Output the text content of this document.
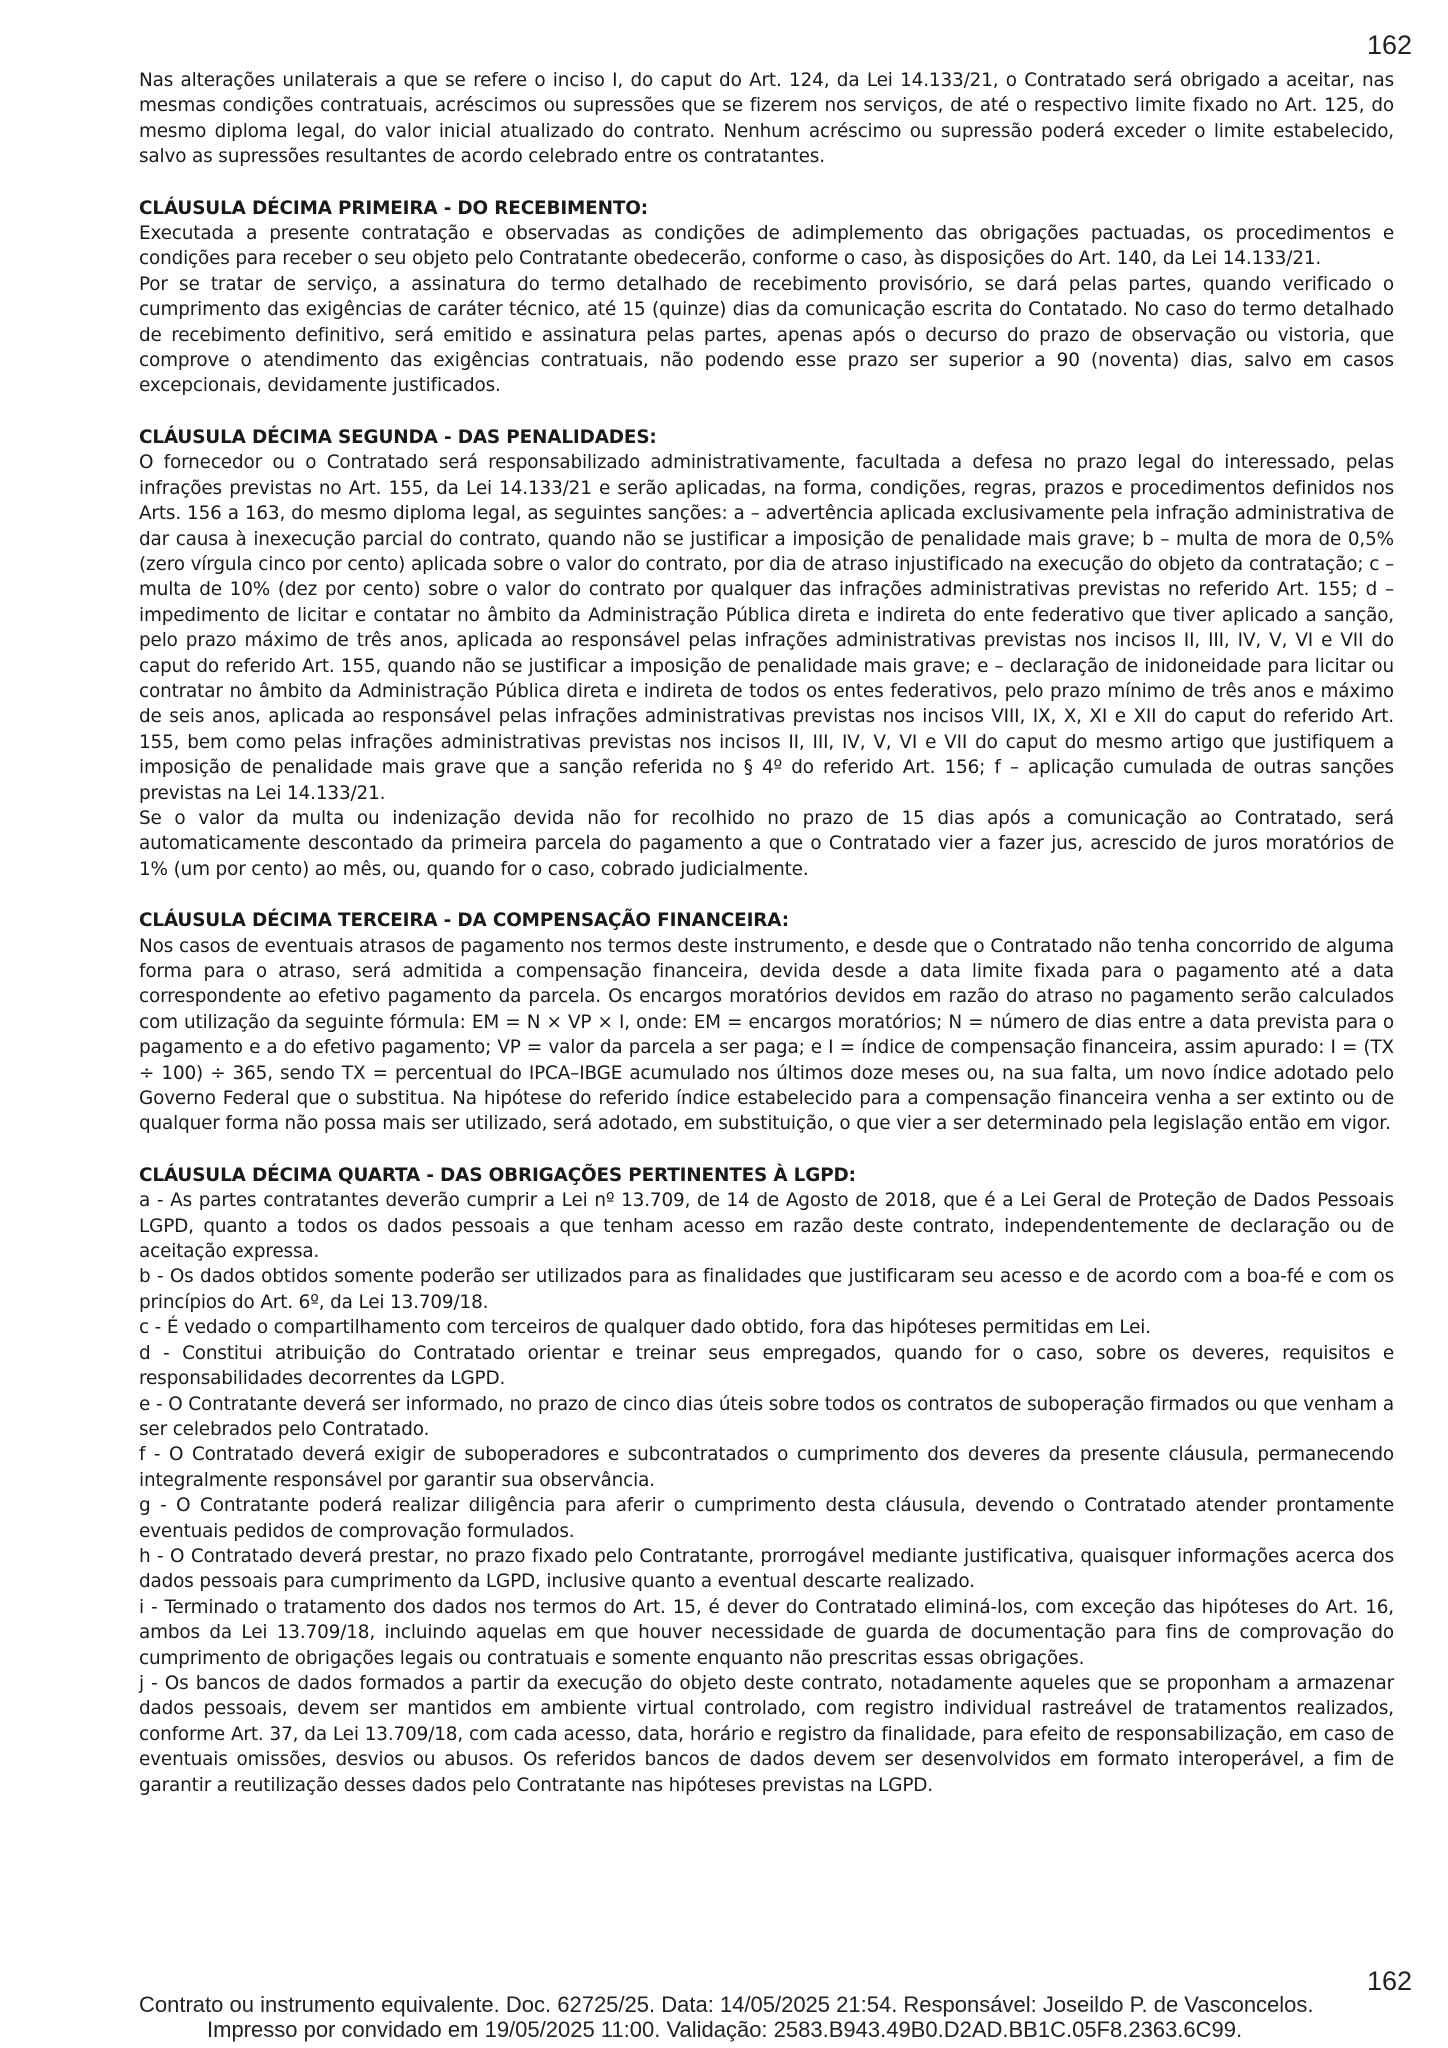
162

Nas alterações unilaterais a que se refere o inciso I, do caput do Art. 124, da Lei 14.133/21, o Contratado será obrigado a aceitar, nas mesmas condições contratuais, acréscimos ou supressões que se fizerem nos serviços, de até o respectivo limite fixado no Art. 125, do mesmo diploma legal, do valor inicial atualizado do contrato. Nenhum acréscimo ou supressão poderá exceder o limite estabelecido, salvo as supressões resultantes de acordo celebrado entre os contratantes.

CLÁUSULA DÉCIMA PRIMEIRA - DO RECEBIMENTO:

Executada a presente contratação e observadas as condições de adimplemento das obrigações pactuadas, os procedimentos e condições para receber o seu objeto pelo Contratante obedecerão, conforme o caso, às disposições do Art. 140, da Lei 14.133/21.

Por se tratar de serviço, a assinatura do termo detalhado de recebimento provisório, se dará pelas partes, quando verificado o cumprimento das exigências de caráter técnico, até 15 (quinze) dias da comunicação escrita do Contatado. No caso do termo detalhado de recebimento definitivo, será emitido e assinatura pelas partes, apenas após o decurso do prazo de observação ou vistoria, que comprove o atendimento das exigências contratuais, não podendo esse prazo ser superior a 90 (noventa) dias, salvo em casos excepcionais, devidamente justificados.

CLÁUSULA DÉCIMA SEGUNDA - DAS PENALIDADES:

O fornecedor ou o Contratado será responsabilizado administrativamente, facultada a defesa no prazo legal do interessado, pelas infrações previstas no Art. 155, da Lei 14.133/21 e serão aplicadas, na forma, condições, regras, prazos e procedimentos definidos nos Arts. 156 a 163, do mesmo diploma legal, as seguintes sanções: a – advertência aplicada exclusivamente pela infração administrativa de dar causa à inexecução parcial do contrato, quando não se justificar a imposição de penalidade mais grave; b – multa de mora de 0,5% (zero vírgula cinco por cento) aplicada sobre o valor do contrato, por dia de atraso injustificado na execução do objeto da contratação; c – multa de 10% (dez por cento) sobre o valor do contrato por qualquer das infrações administrativas previstas no referido Art. 155; d – impedimento de licitar e contatar no âmbito da Administração Pública direta e indireta do ente federativo que tiver aplicado a sanção, pelo prazo máximo de três anos, aplicada ao responsável pelas infrações administrativas previstas nos incisos II, III, IV, V, VI e VII do caput do referido Art. 155, quando não se justificar a imposição de penalidade mais grave; e – declaração de inidoneidade para licitar ou contratar no âmbito da Administração Pública direta e indireta de todos os entes federativos, pelo prazo mínimo de três anos e máximo de seis anos, aplicada ao responsável pelas infrações administrativas previstas nos incisos VIII, IX, X, XI e XII do caput do referido Art. 155, bem como pelas infrações administrativas previstas nos incisos II, III, IV, V, VI e VII do caput do mesmo artigo que justifiquem a imposição de penalidade mais grave que a sanção referida no § 4º do referido Art. 156; f – aplicação cumulada de outras sanções previstas na Lei 14.133/21.

Se o valor da multa ou indenização devida não for recolhido no prazo de 15 dias após a comunicação ao Contratado, será automaticamente descontado da primeira parcela do pagamento a que o Contratado vier a fazer jus, acrescido de juros moratórios de 1% (um por cento) ao mês, ou, quando for o caso, cobrado judicialmente.

CLÁUSULA DÉCIMA TERCEIRA - DA COMPENSAÇÃO FINANCEIRA:

Nos casos de eventuais atrasos de pagamento nos termos deste instrumento, e desde que o Contratado não tenha concorrido de alguma forma para o atraso, será admitida a compensação financeira, devida desde a data limite fixada para o pagamento até a data correspondente ao efetivo pagamento da parcela. Os encargos moratórios devidos em razão do atraso no pagamento serão calculados com utilização da seguinte fórmula: EM = N × VP × I, onde: EM = encargos moratórios; N = número de dias entre a data prevista para o pagamento e a do efetivo pagamento; VP = valor da parcela a ser paga; e I = índice de compensação financeira, assim apurado: I = (TX ÷ 100) ÷ 365, sendo TX = percentual do IPCA–IBGE acumulado nos últimos doze meses ou, na sua falta, um novo índice adotado pelo Governo Federal que o substitua. Na hipótese do referido índice estabelecido para a compensação financeira venha a ser extinto ou de qualquer forma não possa mais ser utilizado, será adotado, em substituição, o que vier a ser determinado pela legislação então em vigor.

CLÁUSULA DÉCIMA QUARTA - DAS OBRIGAÇÕES PERTINENTES À LGPD:

a - As partes contratantes deverão cumprir a Lei nº 13.709, de 14 de Agosto de 2018, que é a Lei Geral de Proteção de Dados Pessoais LGPD, quanto a todos os dados pessoais a que tenham acesso em razão deste contrato, independentemente de declaração ou de aceitação expressa.

b - Os dados obtidos somente poderão ser utilizados para as finalidades que justificaram seu acesso e de acordo com a boa-fé e com os princípios do Art. 6º, da Lei 13.709/18.

c - É vedado o compartilhamento com terceiros de qualquer dado obtido, fora das hipóteses permitidas em Lei.

d - Constitui atribuição do Contratado orientar e treinar seus empregados, quando for o caso, sobre os deveres, requisitos e responsabilidades decorrentes da LGPD.

e - O Contratante deverá ser informado, no prazo de cinco dias úteis sobre todos os contratos de suboperação firmados ou que venham a ser celebrados pelo Contratado.

f - O Contratado deverá exigir de suboperadores e subcontratados o cumprimento dos deveres da presente cláusula, permanecendo integralmente responsável por garantir sua observância.

g - O Contratante poderá realizar diligência para aferir o cumprimento desta cláusula, devendo o Contratado atender prontamente eventuais pedidos de comprovação formulados.

h - O Contratado deverá prestar, no prazo fixado pelo Contratante, prorrogável mediante justificativa, quaisquer informações acerca dos dados pessoais para cumprimento da LGPD, inclusive quanto a eventual descarte realizado.

i - Terminado o tratamento dos dados nos termos do Art. 15, é dever do Contratado eliminá-los, com exceção das hipóteses do Art. 16, ambos da Lei 13.709/18, incluindo aquelas em que houver necessidade de guarda de documentação para fins de comprovação do cumprimento de obrigações legais ou contratuais e somente enquanto não prescritas essas obrigações.

j - Os bancos de dados formados a partir da execução do objeto deste contrato, notadamente aqueles que se proponham a armazenar dados pessoais, devem ser mantidos em ambiente virtual controlado, com registro individual rastreável de tratamentos realizados, conforme Art. 37, da Lei 13.709/18, com cada acesso, data, horário e registro da finalidade, para efeito de responsabilização, em caso de eventuais omissões, desvios ou abusos. Os referidos bancos de dados devem ser desenvolvidos em formato interoperável, a fim de garantir a reutilização desses dados pelo Contratante nas hipóteses previstas na LGPD.

162
Contrato ou instrumento equivalente. Doc. 62725/25. Data: 14/05/2025 21:54. Responsável: Joseildo P. de Vasconcelos.
Impresso por convidado em 19/05/2025 11:00. Validação: 2583.B943.49B0.D2AD.BB1C.05F8.2363.6C99.
